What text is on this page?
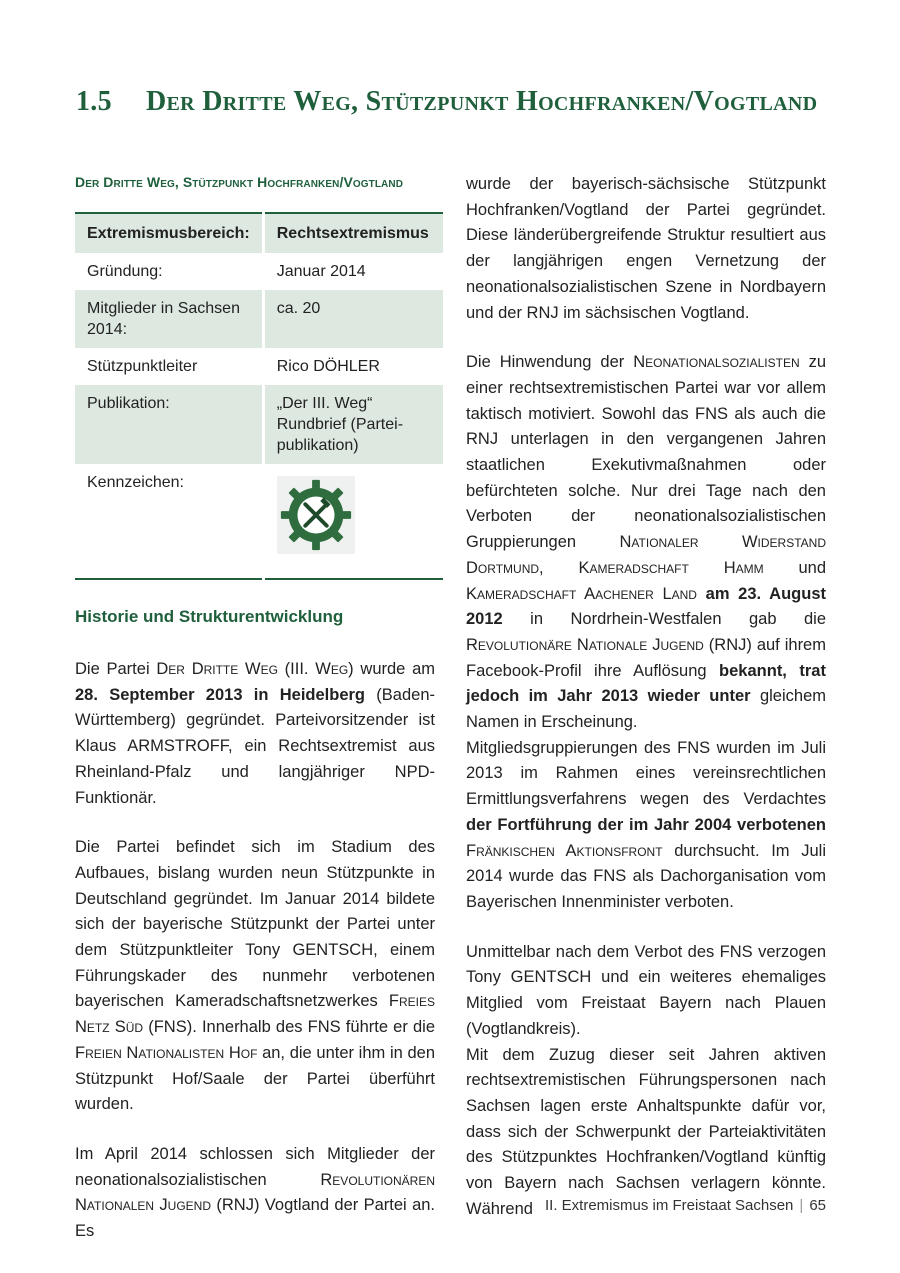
1.5 Der Dritte Weg, Stützpunkt Hochfranken/Vogtland
Der Dritte Weg, Stützpunkt Hochfranken/Vogtland
Extremismusbereich:	Rechtsextremismus
Gründung:	Januar 2014
Mitglieder in Sachsen 2014:	ca. 20
Stützpunktleiter	Rico DÖHLER
Publikation:	„Der III. Weg“ Rundbrief (Parteipublikation)
Kennzeichen:	
Historie und Strukturentwicklung

Die Partei Der Dritte Weg (III. Weg) wurde am 28. September 2013 in Heidelberg (Baden-Württemberg) gegründet. Parteivorsitzender ist Klaus ARMSTROFF, ein Rechtsextremist aus Rheinland-Pfalz und langjähriger NPD-Funktionär.

Die Partei befindet sich im Stadium des Aufbaues, bislang wurden neun Stützpunkte in Deutschland gegründet. Im Januar 2014 bildete sich der bayerische Stützpunkt der Partei unter dem Stützpunktleiter Tony GENTSCH, einem Führungskader des nunmehr verbotenen bayerischen Kameradschaftsnetzwerkes Freies Netz Süd (FNS). Innerhalb des FNS führte er die Freien Nationalisten Hof an, die unter ihm in den Stützpunkt Hof/Saale der Partei überführt wurden.

Im April 2014 schlossen sich Mitglieder der neonationalsozialistischen Revolutionären Nationalen Jugend (RNJ) Vogtland der Partei an. Es

wurde der bayerisch-sächsische Stützpunkt Hochfranken/Vogtland der Partei gegründet. Diese länderübergreifende Struktur resultiert aus der langjährigen engen Vernetzung der neonationalsozialistischen Szene in Nordbayern und der RNJ im sächsischen Vogtland.

Die Hinwendung der Neonationalsozialisten zu einer rechtsextremistischen Partei war vor allem taktisch motiviert. Sowohl das FNS als auch die RNJ unterlagen in den vergangenen Jahren staatlichen Exekutivmaßnahmen oder befürchteten solche. Nur drei Tage nach den Verboten der neonationalsozialistischen Gruppierungen Nationaler Widerstand Dortmund, Kameradschaft Hamm und Kameradschaft Aachener Land am 23. August 2012 in Nordrhein-Westfalen gab die Revolutionäre Nationale Jugend (RNJ) auf ihrem Facebook-Profil ihre Auflösung bekannt, trat jedoch im Jahr 2013 wieder unter gleichem Namen in Erscheinung.

Mitgliedsgruppierungen des FNS wurden im Juli 2013 im Rahmen eines vereinsrechtlichen Ermittlungsverfahrens wegen des Verdachtes der Fortführung der im Jahr 2004 verbotenen Fränkischen Aktionsfront durchsucht. Im Juli 2014 wurde das FNS als Dachorganisation vom Bayerischen Innenminister verboten.

Unmittelbar nach dem Verbot des FNS verzogen Tony GENTSCH und ein weiteres ehemaliges Mitglied vom Freistaat Bayern nach Plauen (Vogtlandkreis).

Mit dem Zuzug dieser seit Jahren aktiven rechtsextremistischen Führungspersonen nach Sachsen lagen erste Anhaltspunkte dafür vor, dass sich der Schwerpunkt der Parteiaktivitäten des Stützpunktes Hochfranken/Vogtland künftig von Bayern nach Sachsen verlagern könnte. Während II. Extremismus im Freistaat Sachsen | 65
